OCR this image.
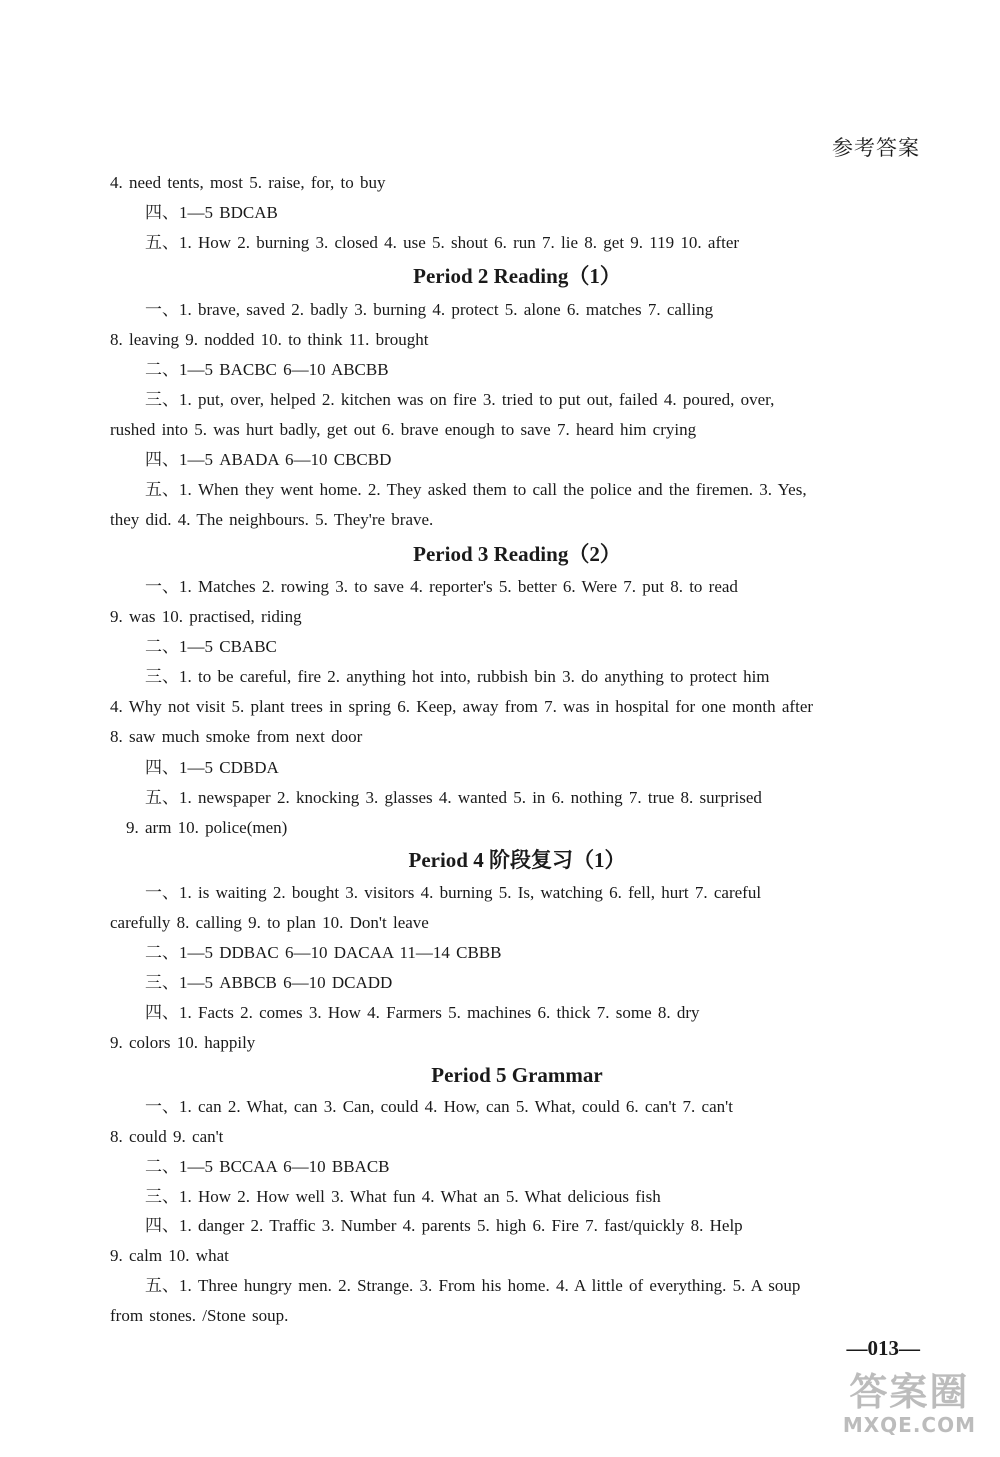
参考答案
4. need tents, most 5. raise, for, to buy
四、1—5 BDCAB
五、1. How 2. burning 3. closed 4. use 5. shout 6. run 7. lie 8. get 9. 119 10. after
Period 2 Reading（1）
一、1. brave, saved 2. badly 3. burning 4. protect 5. alone 6. matches 7. calling
8. leaving 9. nodded 10. to think 11. brought
二、1—5 BACBC 6—10 ABCBB
三、1. put, over, helped 2. kitchen was on fire 3. tried to put out, failed 4. poured, over,
rushed into 5. was hurt badly, get out 6. brave enough to save 7. heard him crying
四、1—5 ABADA 6—10 CBCBD
五、1. When they went home. 2. They asked them to call the police and the firemen. 3. Yes,
they did. 4. The neighbours. 5. They're brave.
Period 3 Reading（2）
一、1. Matches 2. rowing 3. to save 4. reporter's 5. better 6. Were 7. put 8. to read
9. was 10. practised, riding
二、1—5 CBABC
三、1. to be careful, fire 2. anything hot into, rubbish bin 3. do anything to protect him
4. Why not visit 5. plant trees in spring 6. Keep, away from 7. was in hospital for one month after
8. saw much smoke from next door
四、1—5 CDBDA
五、1. newspaper 2. knocking 3. glasses 4. wanted 5. in 6. nothing 7. true 8. surprised
9. arm 10. police(men)
Period 4 阶段复习（1）
一、1. is waiting 2. bought 3. visitors 4. burning 5. Is, watching 6. fell, hurt 7. careful
carefully 8. calling 9. to plan 10. Don't leave
二、1—5 DDBAC 6—10 DACAA 11—14 CBBB
三、1—5 ABBCB 6—10 DCADD
四、1. Facts 2. comes 3. How 4. Farmers 5. machines 6. thick 7. some 8. dry
9. colors 10. happily
Period 5 Grammar
一、1. can 2. What, can 3. Can, could 4. How, can 5. What, could 6. can't 7. can't
8. could 9. can't
二、1—5 BCCAA 6—10 BBACB
三、1. How 2. How well 3. What fun 4. What an 5. What delicious fish
四、1. danger 2. Traffic 3. Number 4. parents 5. high 6. Fire 7. fast/quickly 8. Help
9. calm 10. what
五、1. Three hungry men. 2. Strange. 3. From his home. 4. A little of everything. 5. A soup
from stones. /Stone soup.
—013—
答案圈
MXQE.COM
